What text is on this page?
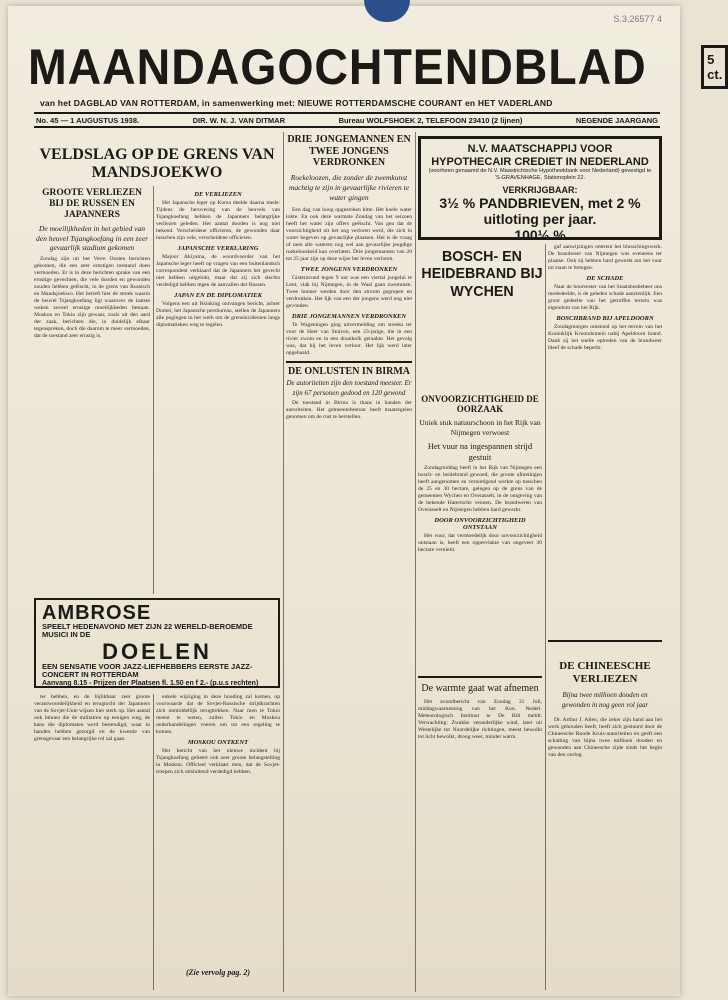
S.3.26577 4
MAANDAGOCHTENDBLAD	5 ct.
van het DAGBLAD VAN ROTTERDAM, in samenwerking met: NIEUWE ROTTERDAMSCHE COURANT en HET VADERLAND
No. 45 — 1 AUGUSTUS 1938.	DIR. W. N. J. VAN DITMAR	Bureau WOLFSHOEK 2, TELEFOON 23410 (2 lijnen)	NEGENDE JAARGANG
VELDSLAG OP DE GRENS VAN MANDSJOEKWO
GROOTE VERLIEZEN BIJ DE RUSSEN EN JAPANNERS
De moeilijkheden in het gebied van den heuvel Tsjangkoefang in een zeer gevaarlijk stadium gekomen
Zondag zijn uit het Verre Oosten berichten gekomen, die een zeer ernstigen toestand doen vermoeden. Er is in deze berichten sprake van een ernstige gevechten, die vele dooden en gewonden zouden hebben geëischt, in de grens van Russisch en Mandsjoekwo. Het betreft hier de streek waarin de heuvel Tsjangkoefang ligt waarover de laatste weken zoveel ernstige moeilijkheden bestaan. Moskou en Tokio zijn gewaar, zoals uit den aard der zaak, berichten die, in duidelijk elkaar tegenspreken, doch die daarom te meer vermoeden, dat de toestand zeer ernstig is.
DE VERLIEZEN
Het Japansche leger op Korea deelde daarna mede: Tijdens de herovering van de heuvels van Tsjangkoefang hebben de Japanners belangrijke verliezen geleden. Het aantal dooden is nog niet bekend. Verscheidene officieren, de gewonden daar tusschen zijn vele, verscheidene officieren.
JAPANSCHE VERKLARING
Majoor Akiyama, de woordvoerder van het Japansche leger heeft op vragen van een buitenlandsch correspondent verklaard dat de Japanners het gevecht niet hebben uitgelokt, maar dat zij zich slechts verdedigd hebben tegen de aanvallen der Russen.
JAPAN EN DE DIPLOMATIEK
Volgens een uit Hsinking ontvangen bericht, achter Domei, het Japansche persbureau, stellen de Japanners alle pogingen in het werk om de grensincidenten langs diplomatieken weg te regelen.
AMBROSE
SPEELT HEDENAVOND MET ZIJN 22 WERELD-BEROEMDE MUSICI IN DE
DOELEN
EEN SENSATIE VOOR JAZZ-LIEFHEBBERS EERSTE JAZZ-CONCERT IN ROTTERDAM
Aanvang 8.15 - Prijzen der Plaatsen fl. 1.50 en f 2.- (p.u.s rechten)
ter hebben, en de bijlikbaar zeer groote verantwoordelijkheid en terugtocht der Japanners van de Sovjet-Unie wijzen hier sterk op. Het aantal ook binnen die de militairen op eenigen weg, de kans die diplomaten werd bestendigd, waar in handen hebben gezorgd en de kwestie van grensgevaar een belangrijke rol zal gaan.
enkele wijziging in deze houding zal komen, op voorwaarde dat de Sovjet-Russische strijdkrachten zich onmiddellijk terugtrekken. Naar men te Tokio meent te weten, zullen Tokio en Moskou onderhandelingen voeren om tot een regeling te komen.
MOSKOU ONTKENT
Het bericht van het nieuwe incident bij Tsjangkoefang gelieert ook zeer groote belangstelling in Moskou. Officieel verklaart men, dat de Sovjet-troepen zich uitsluitend verdedigd hebben.
(Zie vervolg pag. 2)
DRIE JONGEMANNEN EN TWEE JONGENS VERDRONKEN
Roekeloozen, die zonder de zwemkunst machtig te zijn in gevaarlijke rivieren te water gingen
Een dag van hoog opgestoken hitte. Het koele water lokte. En ook deze warmste Zondag van het seizoen heeft het water zijn offers geëischt. Van gen dat de voorzichtigheid uit het oog verloren werd, die zich in water begeven op gevaarlijke plaatsen. Het is de vraag of men alle wateren nog wel aan gevaarlijke jeugdige roekeloosheid kan overlaten. Drie jongemannen van 20 tot 25 jaar zijn op deze wijze het leven verloren.
TWEE JONGENS VERDRONKEN
Gisteravond tegen 9 uur was een viertal jongelui te Lent, vlak bij Nijmegen, in de Waal gaan zwemmen. Twee hunner werden door den stroom gegrepen en verdronken. Het lijk van een der jongens werd nog niet gevonden.
DRIE JONGEMANNEN VERDRONKEN
Te Wageningen ging uitvermelding om streeks ter voor de Heer van Stuiven, een 23-jarige, die in een rivier zwom en in een draaikolk geraakte. Het gevolg was, dat hij het leven verloor. Het lijk werd later opgehaald.
DE ONLUSTEN IN BIRMA
De autoriteiten zijn den toestand meester. Er zijn 67 personen gedood en 120 gewond
De toestand in Birma is thans in handen der autoriteiten. Het gemeentebestuur heeft maatregelen genomen om de rust te herstellen.
N.V. MAATSCHAPPIJ VOOR HYPOTHECAIR CREDIET IN NEDERLAND
(voorheen genaamd de N.V. Maastrichtsche Hypotheekbank voor Nederland) gevestigd te 'S-GRAVENHAGE, Stationsplein 22.
VERKRIJGBAAR:
3½ % PANDBRIEVEN, met 2 % uitloting per jaar.
100½ %
BOSCH- EN HEIDEBRAND BIJ WYCHEN
ONVOORZICHTIGHEID DE OORZAAK
Uniek stuk natuurschoon in het Rijk van Nijmegen verwoest
Het vuur na ingespannen strijd gestuit
Zondagmiddag heeft in het Rijk van Nijmegen een bosch- en heidebrand gewoed, die groote afmetingen heeft aangenomen en vernietigend werkte op tusschen de 25 en 30 hectare, gelegen op de grens van de gemeenten Wychen en Overasselt, in de omgeving van de bekende Hatertsche vennen. De brandweren van Overasselt en Nijmegen hebben hard gewerkt.
DOOR ONVOORZICHTIGHEID ONTSTAAN
Het vuur, dat vermoedelijk door onvoorzichtigheid ontstaan is, heeft een oppervlakte van ongeveer 30 hectare vernield.
gaf aanwijzingen omtrent het blusschingswerk. De brandweer van Nijmegen was eveneens ter plaatse. Ook zij hebben hard gewerkt om het vuur tot staan te brengen.
DE SCHADE
Naar de houtvester van het Staatsbosbeheer ons mededeelde, is de geleden schade aanzienlijk. Een groot gedeelte van het getroffen terrein was eigendom van het Rijk.
BOSCHBRAND BIJ APELDOORN
Zondagmorgen ontstond op het terrein van het Koninklijk Kroondomein nabij Apeldoorn brand. Dank zij het snelle optreden van de brandweer bleef de schade beperkt.
De warmte gaat wat afnemen
Het avondbericht van Zondag 31 Juli, middagwaarneming van het Kon. Nederl. Meteorologisch Instituut te De Bilt meldt: Verwachting: Zwakke veranderlijke wind, later uit Westelijke tot Noordelijke richtingen, meest bewolkt tot licht bewolkt, droog weer, minder warm.
DE CHINEESCHE VERLIEZEN
Bijna twee millioen dooden en gewonden in nog geen vol jaar
Dr. Arthur J. Allen, die zeker zijn hand aan het werk gehouden heeft, heeft zich gestuurd door de Chineesche Roode Kruis-autoriteiten en geeft een schatting van bijna twee millioen dooden en gewonden aan Chineesche zijde sinds het begin van den oorlog.
